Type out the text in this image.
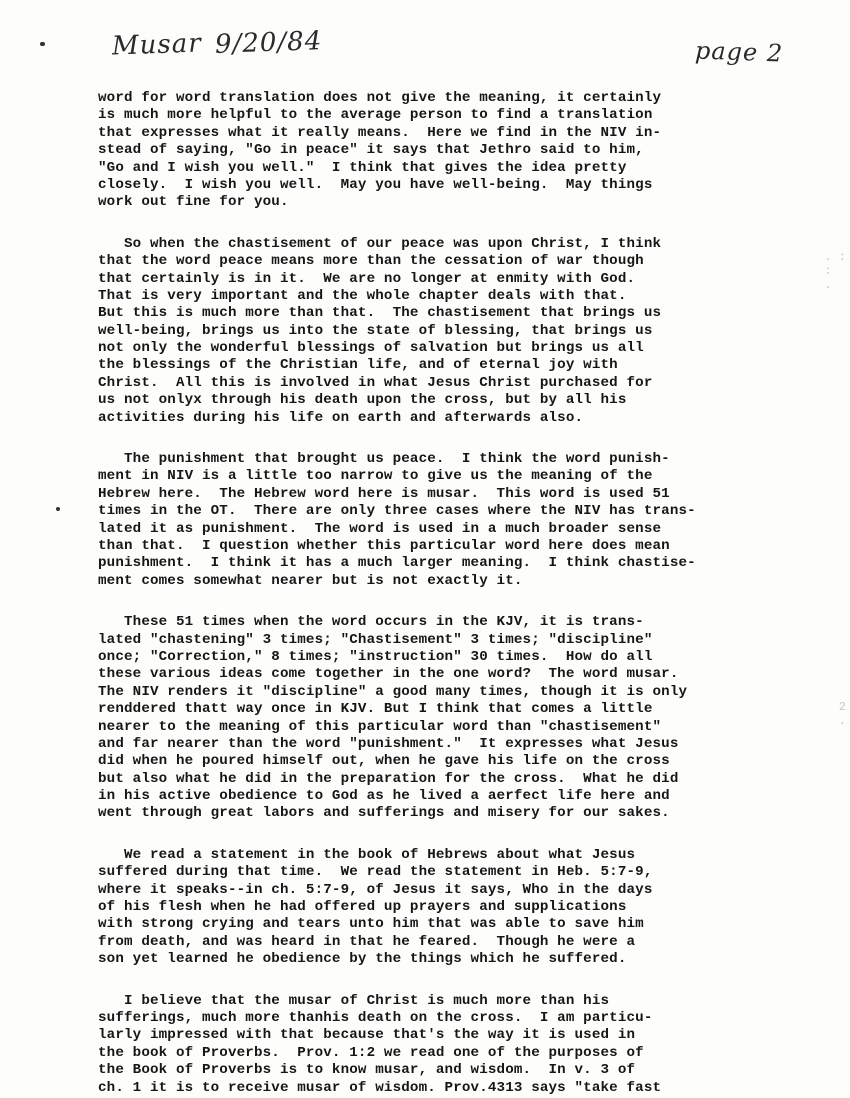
Musar 9/20/84	page 2
. :
:
.
2
.
word for word translation does not give the meaning, it certainly
is much more helpful to the average person to find a translation
that expresses what it really means.  Here we find in the NIV in-
stead of saying, "Go in peace" it says that Jethro said to him,
"Go and I wish you well."  I think that gives the idea pretty
closely.  I wish you well.  May you have well-being.  May things
work out fine for you.
So when the chastisement of our peace was upon Christ, I think
that the word peace means more than the cessation of war though
that certainly is in it.  We are no longer at enmity with God.
That is very important and the whole chapter deals with that.
But this is much more than that.  The chastisement that brings us
well-being, brings us into the state of blessing, that brings us
not only the wonderful blessings of salvation but brings us all
the blessings of the Christian life, and of eternal joy with
Christ.  All this is involved in what Jesus Christ purchased for
us not onlyx through his death upon the cross, but by all his
activities during his life on earth and afterwards also.
The punishment that brought us peace.  I think the word punish-
ment in NIV is a little too narrow to give us the meaning of the
Hebrew here.  The Hebrew word here is musar.  This word is used 51
times in the OT.  There are only three cases where the NIV has trans-
lated it as punishment.  The word is used in a much broader sense
than that.  I question whether this particular word here does mean
punishment.  I think it has a much larger meaning.  I think chastise-
ment comes somewhat nearer but is not exactly it.
These 51 times when the word occurs in the KJV, it is trans-
lated "chastening" 3 times; "Chastisement" 3 times; "discipline"
once; "Correction," 8 times; "instruction" 30 times.  How do all
these various ideas come together in the one word?  The word musar.
The NIV renders it "discipline" a good many times, though it is only
renddered thatt way once in KJV. But I think that comes a little
nearer to the meaning of this particular word than "chastisement"
and far nearer than the word "punishment."  It expresses what Jesus
did when he poured himself out, when he gave his life on the cross
but also what he did in the preparation for the cross.  What he did
in his active obedience to God as he lived a aerfect life here and
went through great labors and sufferings and misery for our sakes.
We read a statement in the book of Hebrews about what Jesus
suffered during that time.  We read the statement in Heb. 5:7-9,
where it speaks--in ch. 5:7-9, of Jesus it says, Who in the days
of his flesh when he had offered up prayers and supplications
with strong crying and tears unto him that was able to save him
from death, and was heard in that he feared.  Though he were a
son yet learned he obedience by the things which he suffered.
I believe that the musar of Christ is much more than his
sufferings, much more thanhis death on the cross.  I am particu-
larly impressed with that because that's the way it is used in
the book of Proverbs.  Prov. 1:2 we read one of the purposes of
the Book of Proverbs is to know musar, and wisdom.  In v. 3 of
ch. 1 it is to receive musar of wisdom. Prov.4313 says "take fast
